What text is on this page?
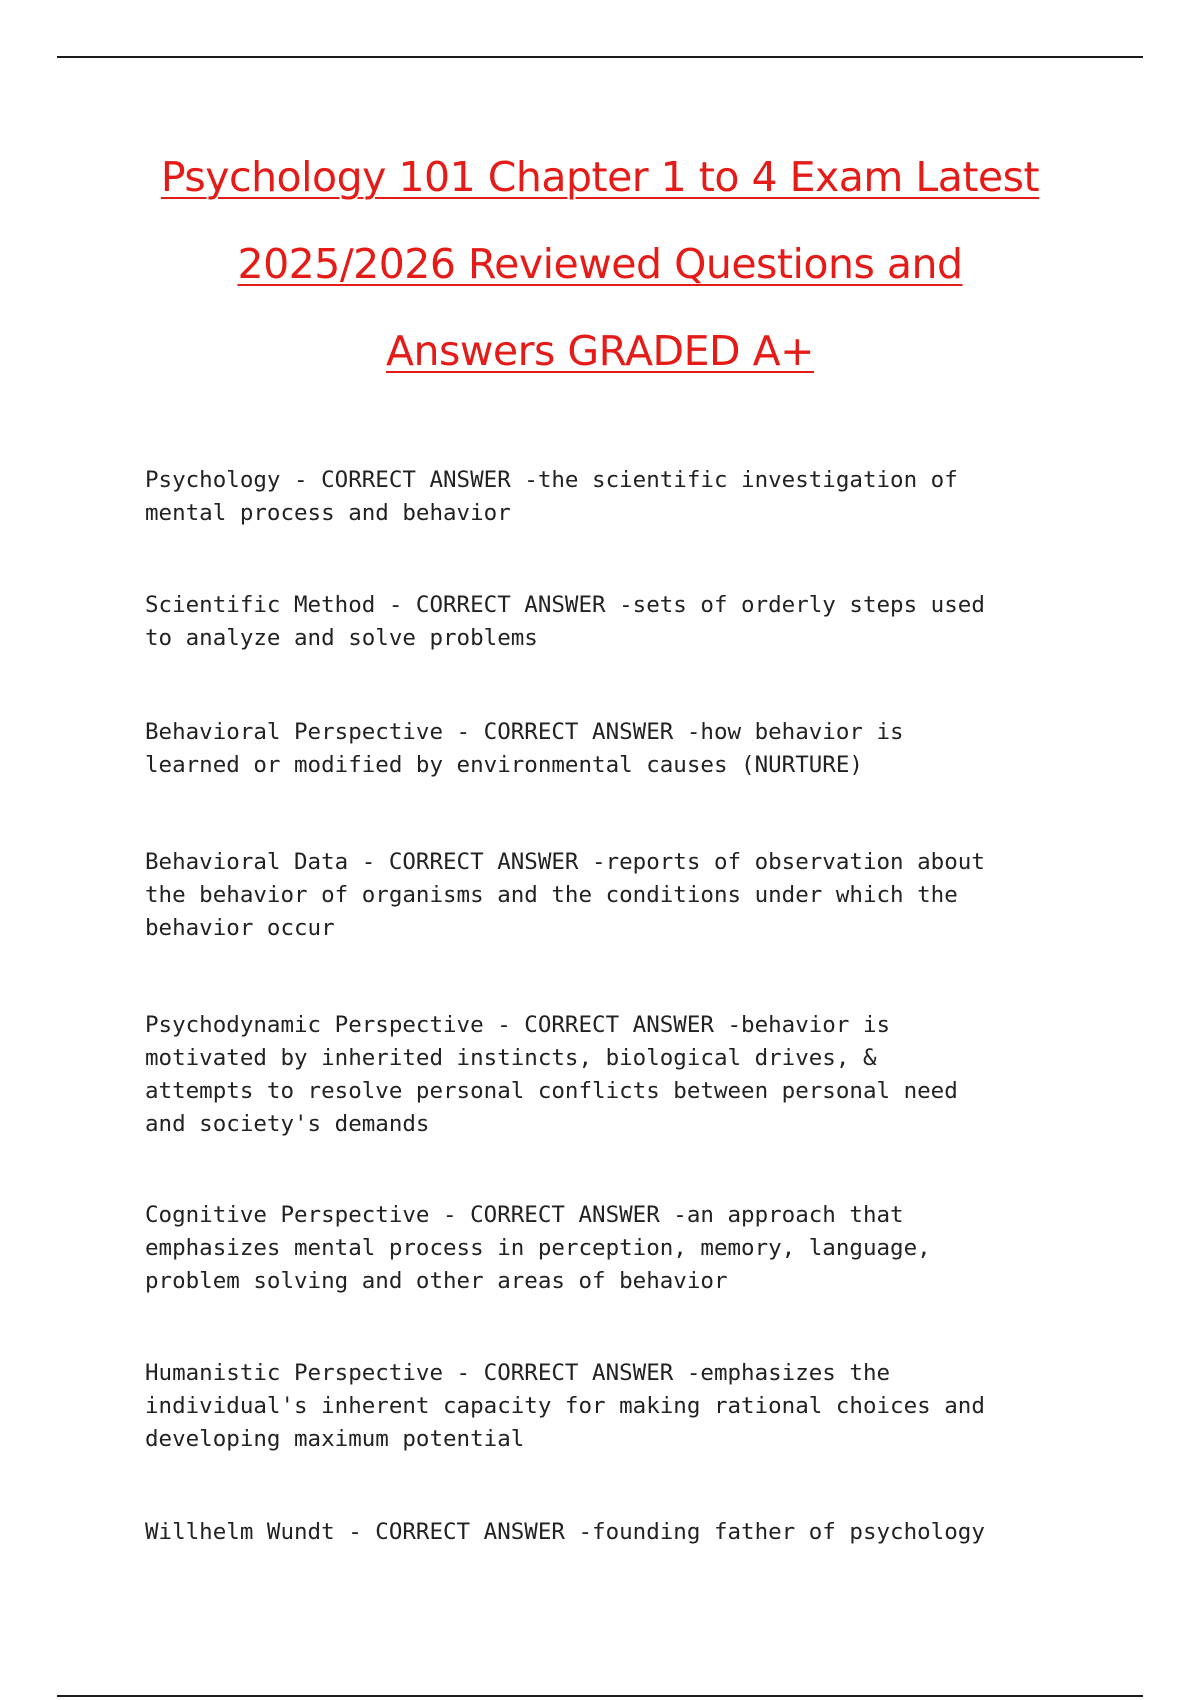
Psychology 101 Chapter 1 to 4 Exam Latest
2025/2026 Reviewed Questions and
Answers GRADED A+

Psychology - CORRECT ANSWER -the scientific investigation of
mental process and behavior

Scientific Method - CORRECT ANSWER -sets of orderly steps used
to analyze and solve problems

Behavioral Perspective - CORRECT ANSWER -how behavior is
learned or modified by environmental causes (NURTURE)

Behavioral Data - CORRECT ANSWER -reports of observation about
the behavior of organisms and the conditions under which the
behavior occur

Psychodynamic Perspective - CORRECT ANSWER -behavior is
motivated by inherited instincts, biological drives, &
attempts to resolve personal conflicts between personal need
and society's demands

Cognitive Perspective - CORRECT ANSWER -an approach that
emphasizes mental process in perception, memory, language,
problem solving and other areas of behavior

Humanistic Perspective - CORRECT ANSWER -emphasizes the
individual's inherent capacity for making rational choices and
developing maximum potential

Willhelm Wundt - CORRECT ANSWER -founding father of psychology
